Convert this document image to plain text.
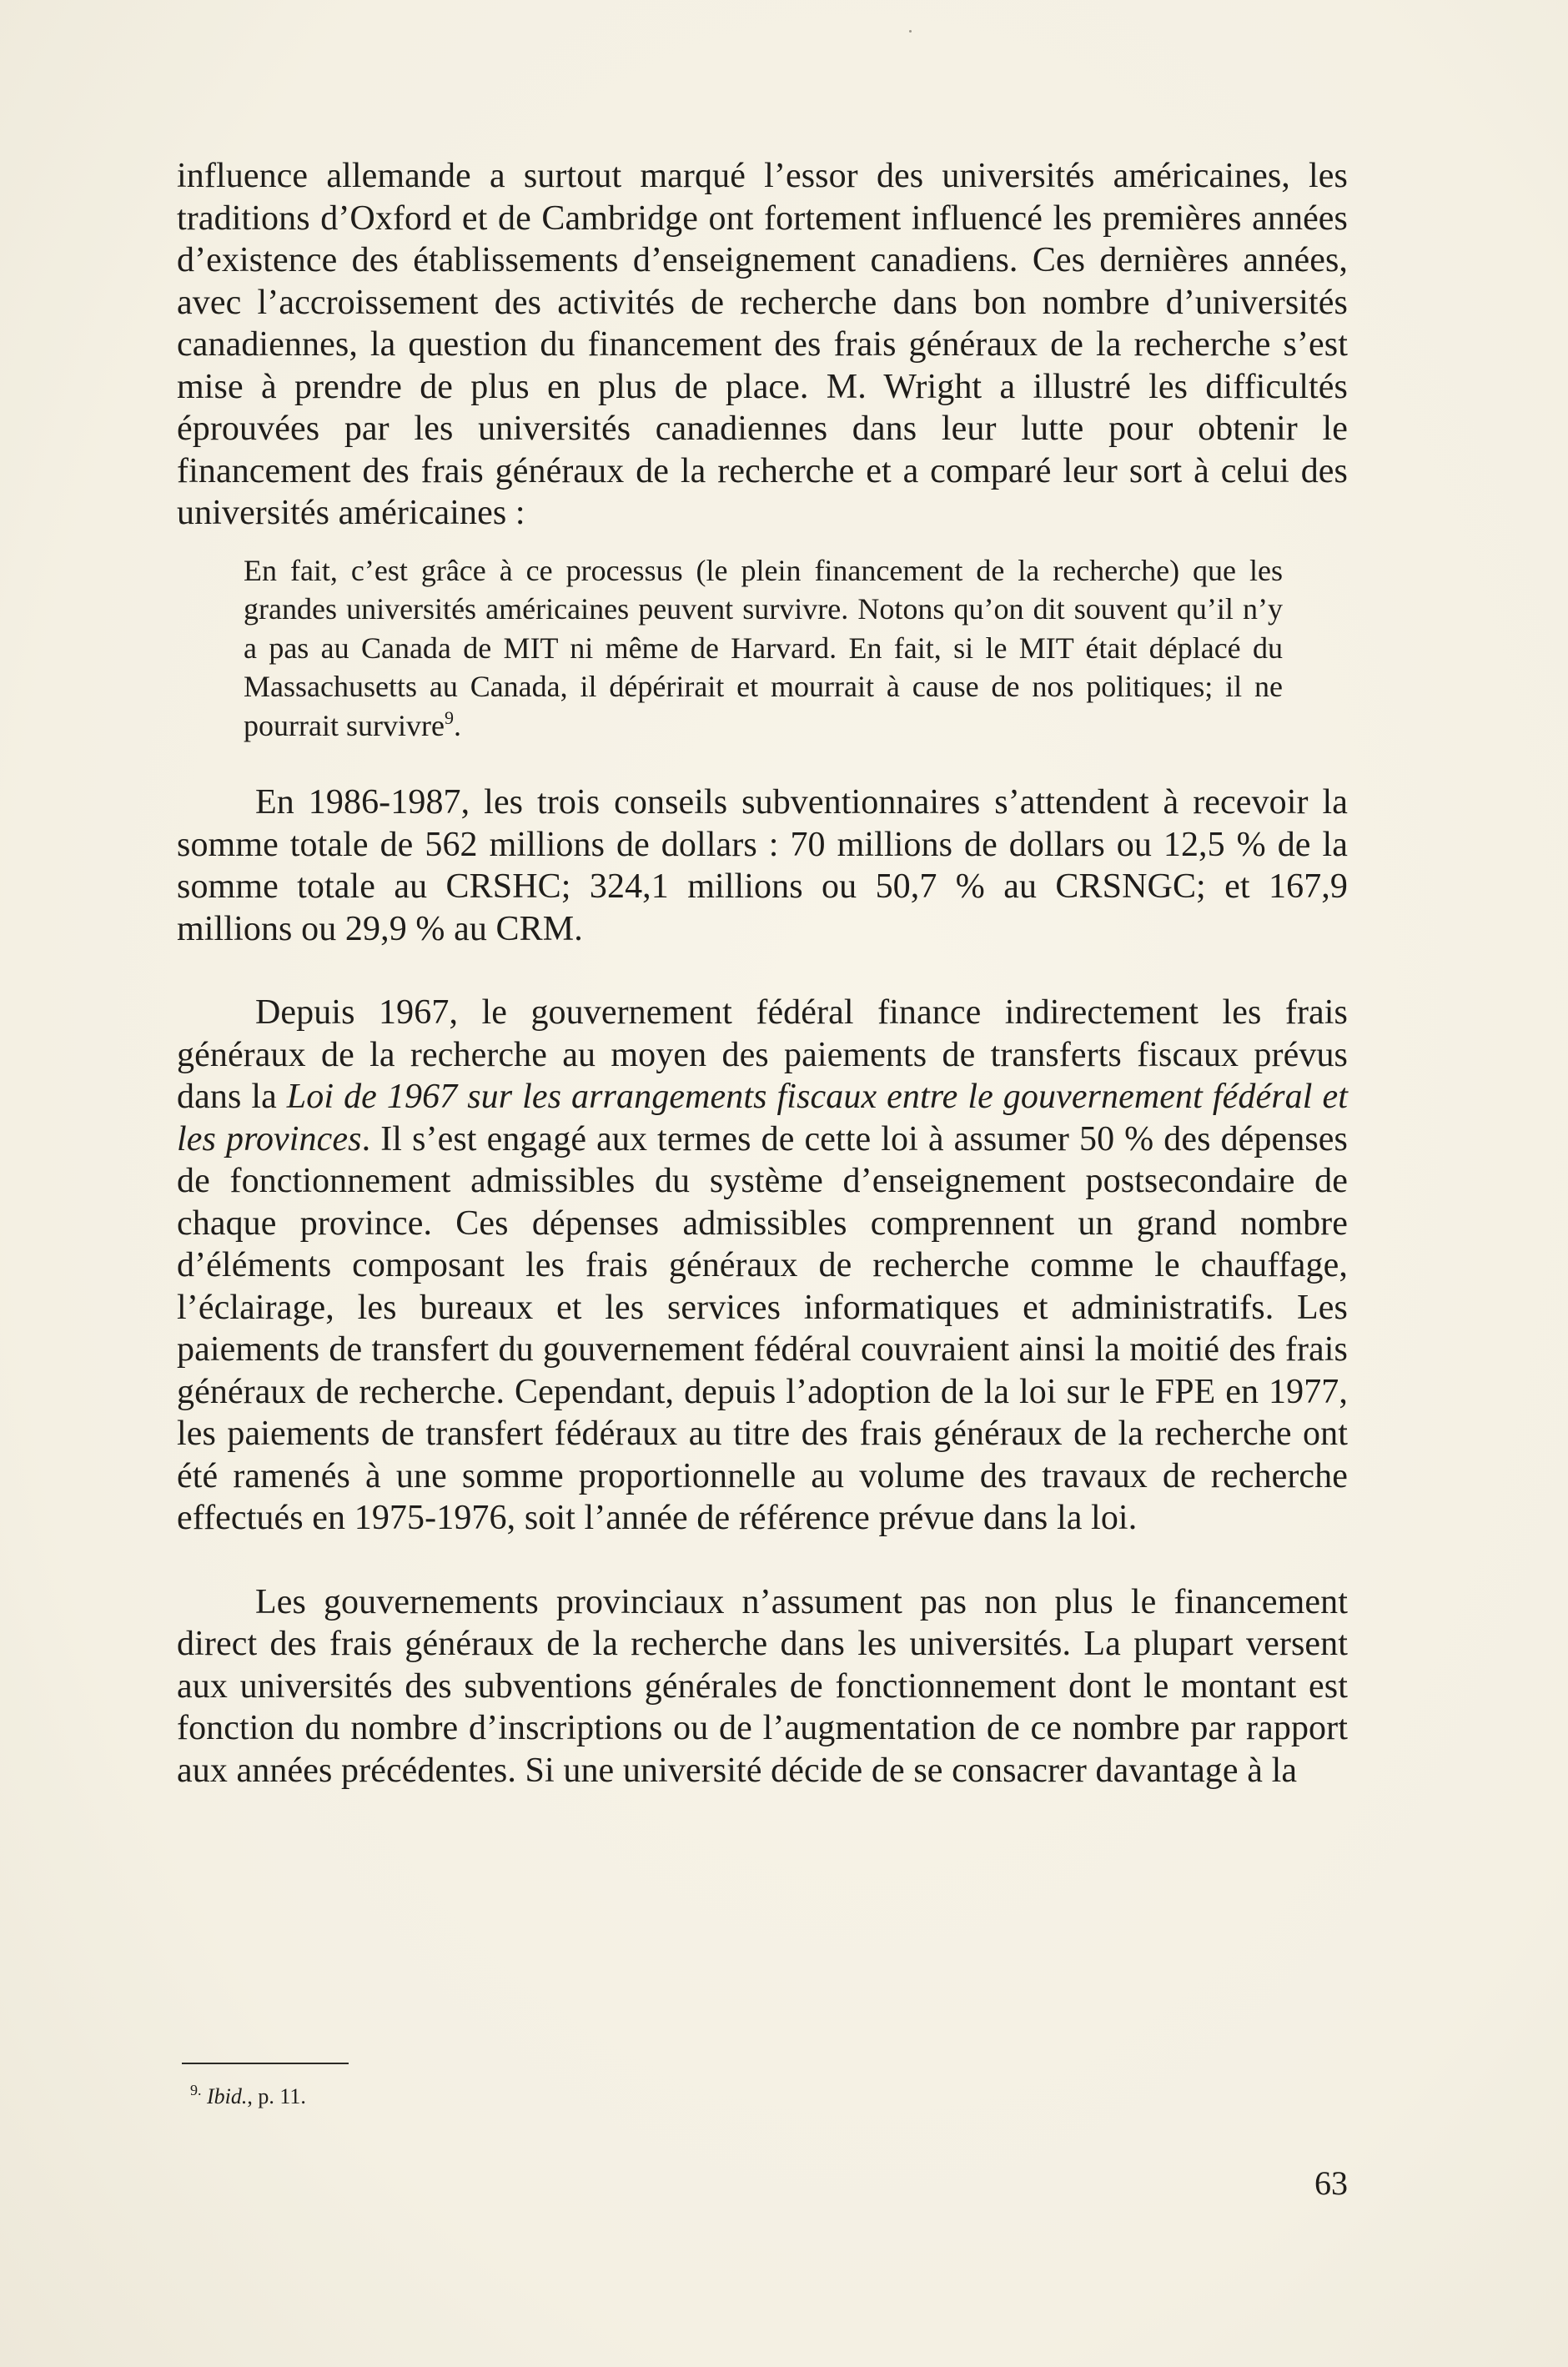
influence allemande a surtout marqué l’essor des universités américaines, les traditions d’Oxford et de Cambridge ont fortement influencé les premières années d’existence des établissements d’enseignement canadiens. Ces dernières années, avec l’accroissement des activités de recherche dans bon nombre d’universités canadiennes, la question du financement des frais généraux de la recherche s’est mise à prendre de plus en plus de place. M. Wright a illustré les difficultés éprouvées par les universités canadiennes dans leur lutte pour obtenir le financement des frais généraux de la recherche et a comparé leur sort à celui des universités américaines :

En fait, c’est grâce à ce processus (le plein financement de la recherche) que les grandes universités américaines peuvent survivre. Notons qu’on dit souvent qu’il n’y a pas au Canada de MIT ni même de Harvard. En fait, si le MIT était déplacé du Massachusetts au Canada, il dépérirait et mourrait à cause de nos politiques; il ne pourrait survivre$^9$.

En 1986-1987, les trois conseils subventionnaires s’attendent à recevoir la somme totale de 562 millions de dollars : 70 millions de dollars ou 12,5 % de la somme totale au CRSHC; 324,1 millions ou 50,7 % au CRSNGC; et 167,9 millions ou 29,9 % au CRM.

Depuis 1967, le gouvernement fédéral finance indirectement les frais généraux de la recherche au moyen des paiements de transferts fiscaux prévus dans la Loi de 1967 sur les arrangements fiscaux entre le gouvernement fédéral et les provinces. Il s’est engagé aux termes de cette loi à assumer 50 % des dépenses de fonctionnement admissibles du système d’enseignement postsecondaire de chaque province. Ces dépenses admissibles comprennent un grand nombre d’éléments composant les frais généraux de recherche comme le chauffage, l’éclairage, les bureaux et les services informatiques et administratifs. Les paiements de transfert du gouvernement fédéral couvraient ainsi la moitié des frais généraux de recherche. Cependant, depuis l’adoption de la loi sur le FPE en 1977, les paiements de transfert fédéraux au titre des frais généraux de la recherche ont été ramenés à une somme proportionnelle au volume des travaux de recherche effectués en 1975-1976, soit l’année de référence prévue dans la loi.

Les gouvernements provinciaux n’assument pas non plus le financement direct des frais généraux de la recherche dans les universités. La plupart versent aux universités des subventions générales de fonctionnement dont le montant est fonction du nombre d’inscriptions ou de l’augmentation de ce nombre par rapport aux années précédentes. Si une université décide de se consacrer davantage à la

$^{9.}$ Ibid., p. 11.
63
